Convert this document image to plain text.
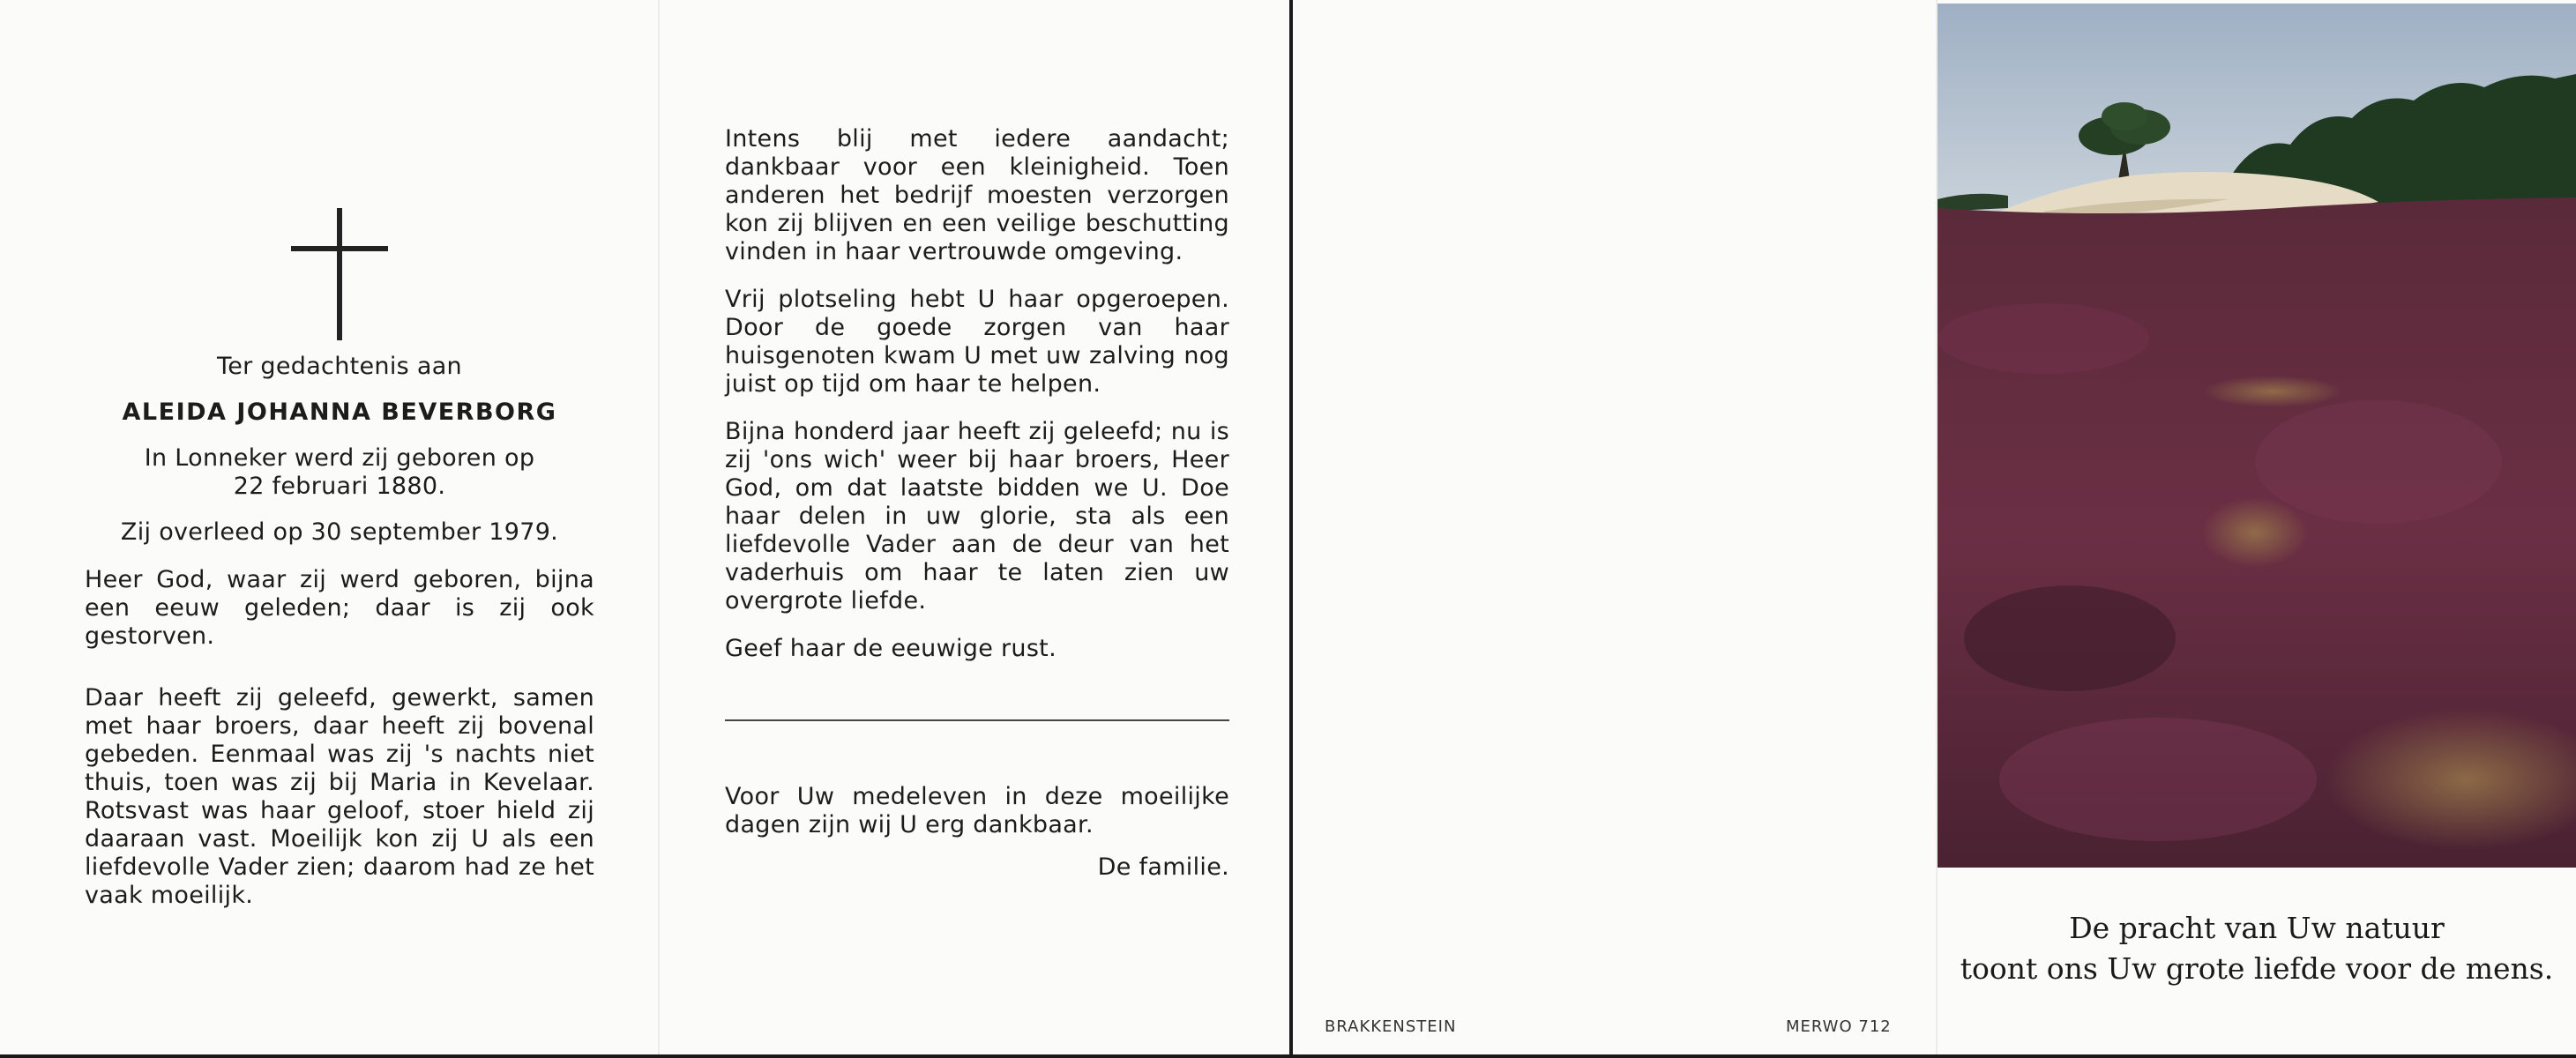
Ter gedachtenis aan
ALEIDA JOHANNA BEVERBORG
In Lonneker werd zij geboren op
22 februari 1880.
Zij overleed op 30 september 1979.
Heer God, waar zij werd geboren, bijna een eeuw geleden; daar is zij ook gestorven.
Daar heeft zij geleefd, gewerkt, samen met haar broers, daar heeft zij bovenal gebeden. Eenmaal was zij 's nachts niet thuis, toen was zij bij Maria in Kevelaar. Rotsvast was haar geloof, stoer hield zij daaraan vast. Moeilijk kon zij U als een liefdevolle Vader zien; daarom had ze het vaak moeilijk.
Intens blij met iedere aandacht; dankbaar voor een kleinigheid. Toen anderen het bedrijf moesten verzorgen kon zij blijven en een veilige beschutting vinden in haar vertrouwde omgeving.
Vrij plotseling hebt U haar opgeroepen. Door de goede zorgen van haar huisgenoten kwam U met uw zalving nog juist op tijd om haar te helpen.
Bijna honderd jaar heeft zij geleefd; nu is zij 'ons wich' weer bij haar broers, Heer God, om dat laatste bidden we U. Doe haar delen in uw glorie, sta als een liefdevolle Vader aan de deur van het vaderhuis om haar te laten zien uw overgrote liefde.
Geef haar de eeuwige rust.
Voor Uw medeleven in deze moeilijke dagen zijn wij U erg dankbaar.
De familie.
BRAKKENSTEIN	MERWO 712
De pracht van Uw natuur
toont ons Uw grote liefde voor de mens.
